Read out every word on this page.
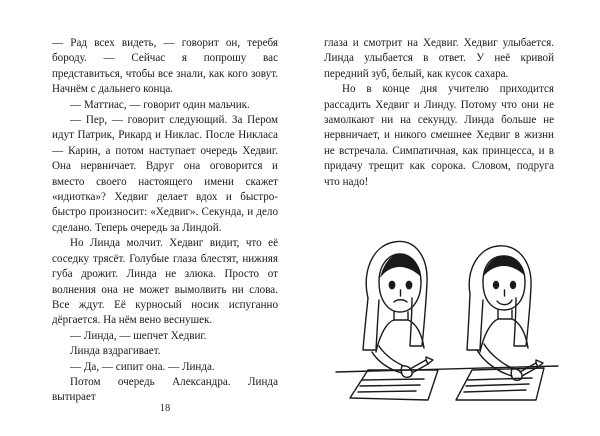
— Рад всех видеть, — говорит он, теребя бороду. — Сейчас я попрошу вас представиться, чтобы все знали, как кого зовут. Начнём с дальнего конца.

— Маттиас, — говорит один мальчик.

— Пер, — говорит следующий. За Пером идут Патрик, Рикард и Никлас. После Никласа — Карин, а потом наступает очередь Хедвиг. Она нервничает. Вдруг она оговорится и вместо своего настоящего имени скажет «идиотка»? Хедвиг делает вдох и быстро-быстро произносит: «Хедвиг». Секунда, и дело сделано. Теперь очередь за Линдой.

Но Линда молчит. Хедвиг видит, что её соседку трясёт. Голубые глаза блестят, нижняя губа дрожит. Линда не злюка. Просто от волнения она не может вымолвить ни слова. Все ждут. Её курносый носик испуганно дёргается. На нём вено веснушек.

— Линда, — шепчет Хедвиг.

Линда вздрагивает.

— Да, — сипит она. — Линда.

Потом очередь Александра. Линда вытирает

18

глаза и смотрит на Хедвиг. Хедвиг улыбается. Линда улыбается в ответ. У неё кривой передний зуб, белый, как кусок сахара.

Но в конце дня учителю приходится рассадить Хедвиг и Линду. Потому что они не замолкают ни на секунду. Линда больше не нервничает, и никого смешнее Хедвиг в жизни не встречала. Симпатичная, как принцесса, и в придачу трещит как сорока. Словом, подруга что надо!
